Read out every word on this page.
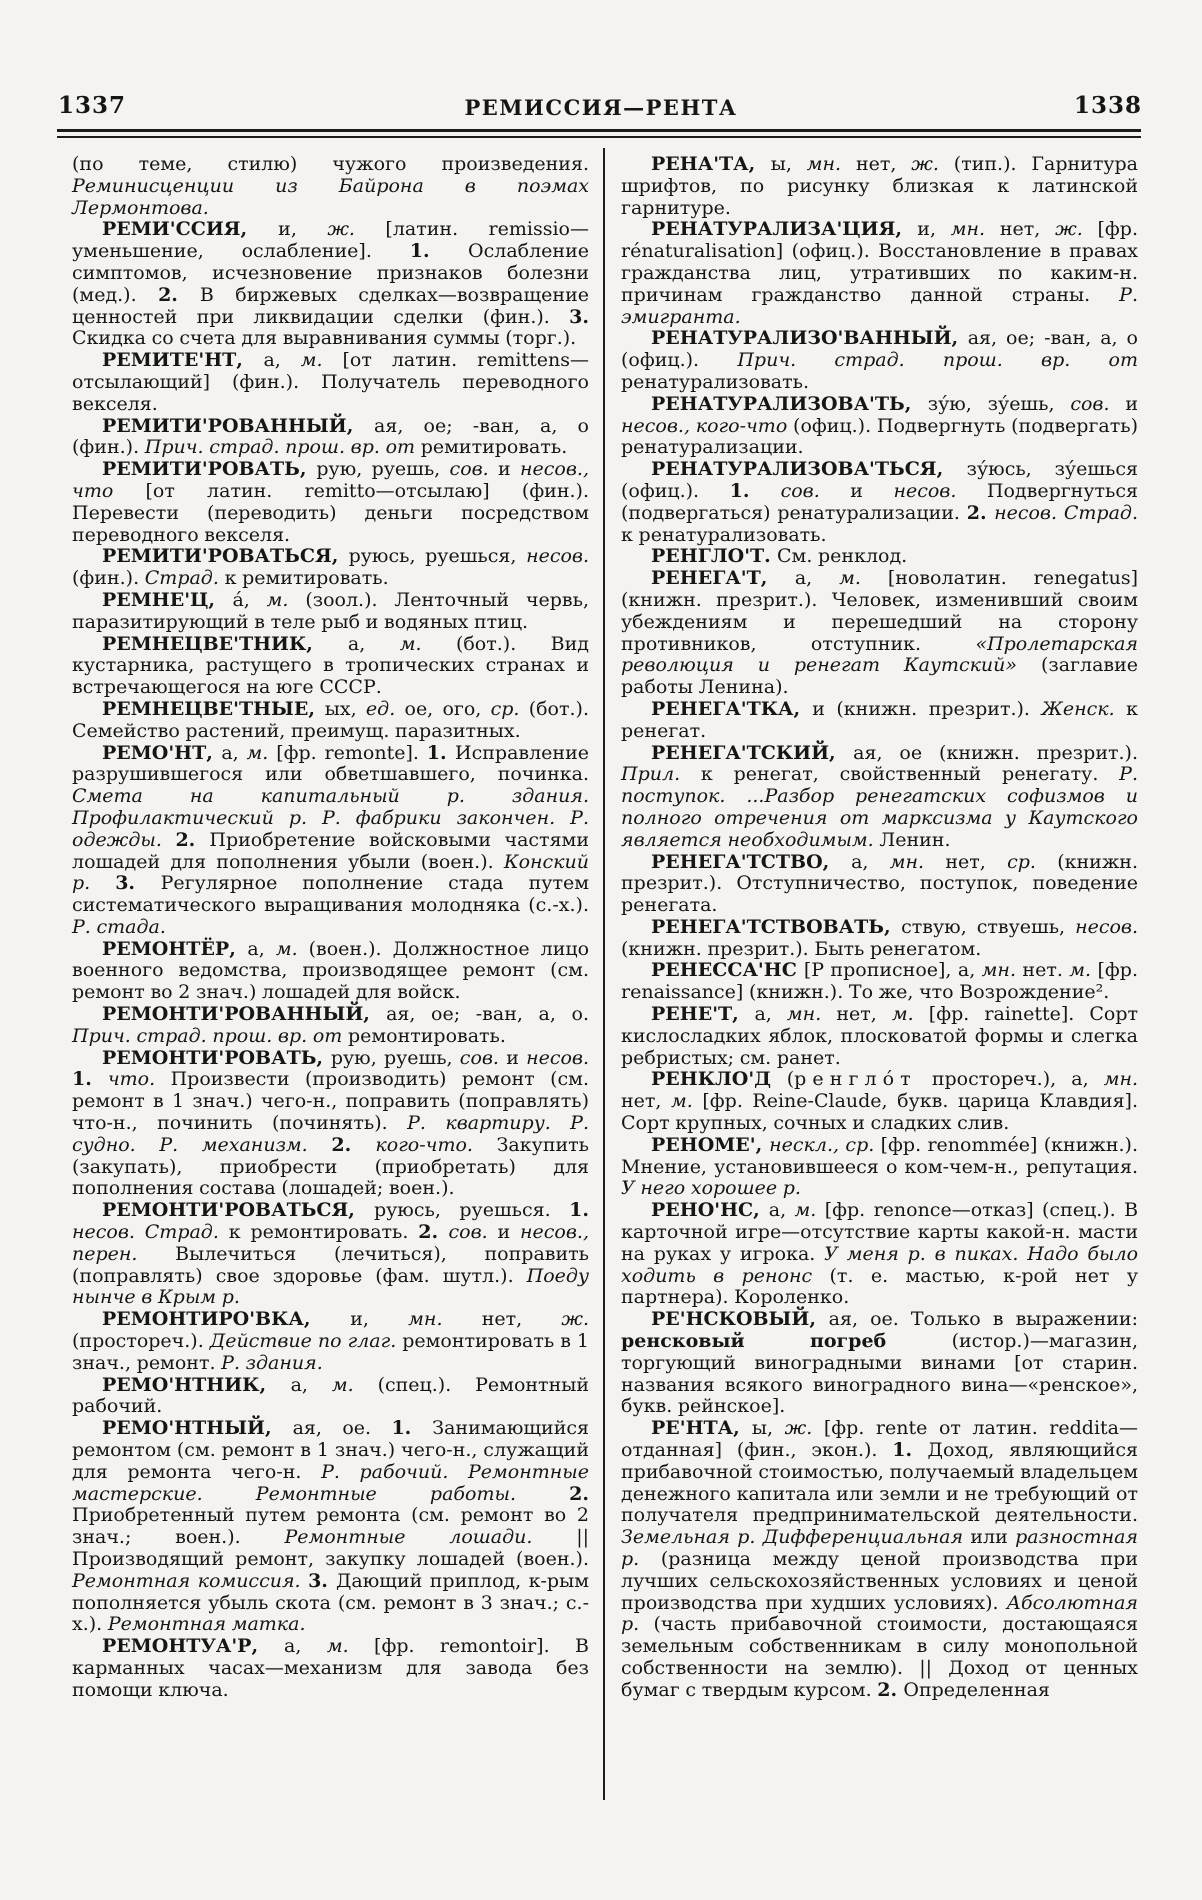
1337	РЕМИССИЯ—РЕНТА	1338

(по теме, стилю) чужого произведения. Реминисценции из Байрона в поэмах Лермонтова.

РЕМИ'ССИЯ, и, ж. [латин. remissio—уменьшение, ослабление]. 1. Ослабление симптомов, исчезновение признаков болезни (мед.). 2. В биржевых сделках—возвращение ценностей при ликвидации сделки (фин.). 3. Скидка со счета для выравнивания суммы (торг.).

РЕМИТЕ'НТ, а, м. [от латин. remittens—отсылающий] (фин.). Получатель переводного векселя.

РЕМИТИ'РОВАННЫЙ, ая, ое; -ван, а, о (фин.). Прич. страд. прош. вр. от ремитировать.

РЕМИТИ'РОВАТЬ, рую, руешь, сов. и несов., что [от латин. remitto—отсылаю] (фин.). Перевести (переводить) деньги посредством переводного векселя.

РЕМИТИ'РОВАТЬСЯ, руюсь, руешься, несов. (фин.). Страд. к ремитировать.

РЕМНЕ'Ц, а́, м. (зоол.). Ленточный червь, паразитирующий в теле рыб и водяных птиц.

РЕМНЕЦВЕ'ТНИК, а, м. (бот.). Вид кустарника, растущего в тропических странах и встречающегося на юге СССР.

РЕМНЕЦВЕ'ТНЫЕ, ых, ед. ое, ого, ср. (бот.). Семейство растений, преимущ. паразитных.

РЕМО'НТ, а, м. [фр. remonte]. 1. Исправление разрушившегося или обветшавшего, починка. Смета на капитальный р. здания. Профилактический р. Р. фабрики закончен. Р. одежды. 2. Приобретение войсковыми частями лошадей для пополнения убыли (воен.). Конский р. 3. Регулярное пополнение стада путем систематического выращивания молодняка (с.-х.). Р. стада.

РЕМОНТЁР, а, м. (воен.). Должностное лицо военного ведомства, производящее ремонт (см. ремонт во 2 знач.) лошадей для войск.

РЕМОНТИ'РОВАННЫЙ, ая, ое; -ван, а, о. Прич. страд. прош. вр. от ремонтировать.

РЕМОНТИ'РОВАТЬ, рую, руешь, сов. и несов. 1. что. Произвести (производить) ремонт (см. ремонт в 1 знач.) чего-н., поправить (поправлять) что-н., починить (починять). Р. квартиру. Р. судно. Р. механизм. 2. кого-что. Закупить (закупать), приобрести (приобретать) для пополнения состава (лошадей; воен.).

РЕМОНТИ'РОВАТЬСЯ, руюсь, руешься. 1. несов. Страд. к ремонтировать. 2. сов. и несов., перен. Вылечиться (лечиться), поправить (поправлять) свое здоровье (фам. шутл.). Поеду нынче в Крым р.

РЕМОНТИРО'ВКА, и, мн. нет, ж. (простореч.). Действие по глаг. ремонтировать в 1 знач., ремонт. Р. здания.

РЕМО'НТНИК, а, м. (спец.). Ремонтный рабочий.

РЕМО'НТНЫЙ, ая, ое. 1. Занимающийся ремонтом (см. ремонт в 1 знач.) чего-н., служащий для ремонта чего-н. Р. рабочий. Ремонтные мастерские. Ремонтные работы. 2. Приобретенный путем ремонта (см. ремонт во 2 знач.; воен.). Ремонтные лошади. || Производящий ремонт, закупку лошадей (воен.). Ремонтная комиссия. 3. Дающий приплод, к-рым пополняется убыль скота (см. ремонт в 3 знач.; с.-х.). Ремонтная матка.

РЕМОНТУА'Р, а, м. [фр. remontoir]. В карманных часах—механизм для завода без помощи ключа.

РЕНА'ТА, ы, мн. нет, ж. (тип.). Гарнитура шрифтов, по рисунку близкая к латинской гарнитуре.

РЕНАТУРАЛИЗА'ЦИЯ, и, мн. нет, ж. [фр. rénaturalisation] (офиц.). Восстановление в правах гражданства лиц, утративших по каким-н. причинам гражданство данной страны. Р. эмигранта.

РЕНАТУРАЛИЗО'ВАННЫЙ, ая, ое; -ван, а, о (офиц.). Прич. страд. прош. вр. от ренатурализовать.

РЕНАТУРАЛИЗОВА'ТЬ, зу́ю, зу́ешь, сов. и несов., кого-что (офиц.). Подвергнуть (подвергать) ренатурализации.

РЕНАТУРАЛИЗОВА'ТЬСЯ, зу́юсь, зу́ешься (офиц.). 1. сов. и несов. Подвергнуться (подвергаться) ренатурализации. 2. несов. Страд. к ренатурализовать.

РЕНГЛО'Т. См. ренклод.

РЕНЕГА'Т, а, м. [новолатин. renegatus] (книжн. презрит.). Человек, изменивший своим убеждениям и перешедший на сторону противников, отступник. «Пролетарская революция и ренегат Каутский» (заглавие работы Ленина).

РЕНЕГА'ТКА, и (книжн. презрит.). Женск. к ренегат.

РЕНЕГА'ТСКИЙ, ая, ое (книжн. презрит.). Прил. к ренегат, свойственный ренегату. Р. поступок. ...Разбор ренегатских софизмов и полного отречения от марксизма у Каутского является необходимым. Ленин.

РЕНЕГА'ТСТВО, а, мн. нет, ср. (книжн. презрит.). Отступничество, поступок, поведение ренегата.

РЕНЕГА'ТСТВОВАТЬ, ствую, ствуешь, несов. (книжн. презрит.). Быть ренегатом.

РЕНЕССА'НС [Р прописное], а, мн. нет. м. [фр. renaissance] (книжн.). То же, что Возрождение².

РЕНЕ'Т, а, мн. нет, м. [фр. rainette]. Сорт кислосладких яблок, плосковатой формы и слегка ребристых; см. ранет.

РЕНКЛО'Д (ренгло́т простореч.), а, мн. нет, м. [фр. Reine-Claude, букв. царица Клавдия]. Сорт крупных, сочных и сладких слив.

РЕНОМЕ', нескл., ср. [фр. renommée] (книжн.). Мнение, установившееся о ком-чем-н., репутация. У него хорошее р.

РЕНО'НС, а, м. [фр. renonce—отказ] (спец.). В карточной игре—отсутствие карты какой-н. масти на руках у игрока. У меня р. в пиках. Надо было ходить в ренонс (т. е. мастью, к-рой нет у партнера). Короленко.

РЕ'НСКОВЫЙ, ая, ое. Только в выражении: ренсковый погреб (истор.)—магазин, торгующий виноградными винами [от старин. названия всякого виноградного вина—«ренское», букв. рейнское].

РЕ'НТА, ы, ж. [фр. rente от латин. reddita—отданная] (фин., экон.). 1. Доход, являющийся прибавочной стоимостью, получаемый владельцем денежного капитала или земли и не требующий от получателя предпринимательской деятельности. Земельная р. Дифференциальная или разностная р. (разница между ценой производства при лучших сельскохозяйственных условиях и ценой производства при худших условиях). Абсолютная р. (часть прибавочной стоимости, достающаяся земельным собственникам в силу монопольной собственности на землю). || Доход от ценных бумаг с твердым курсом. 2. Определенная
